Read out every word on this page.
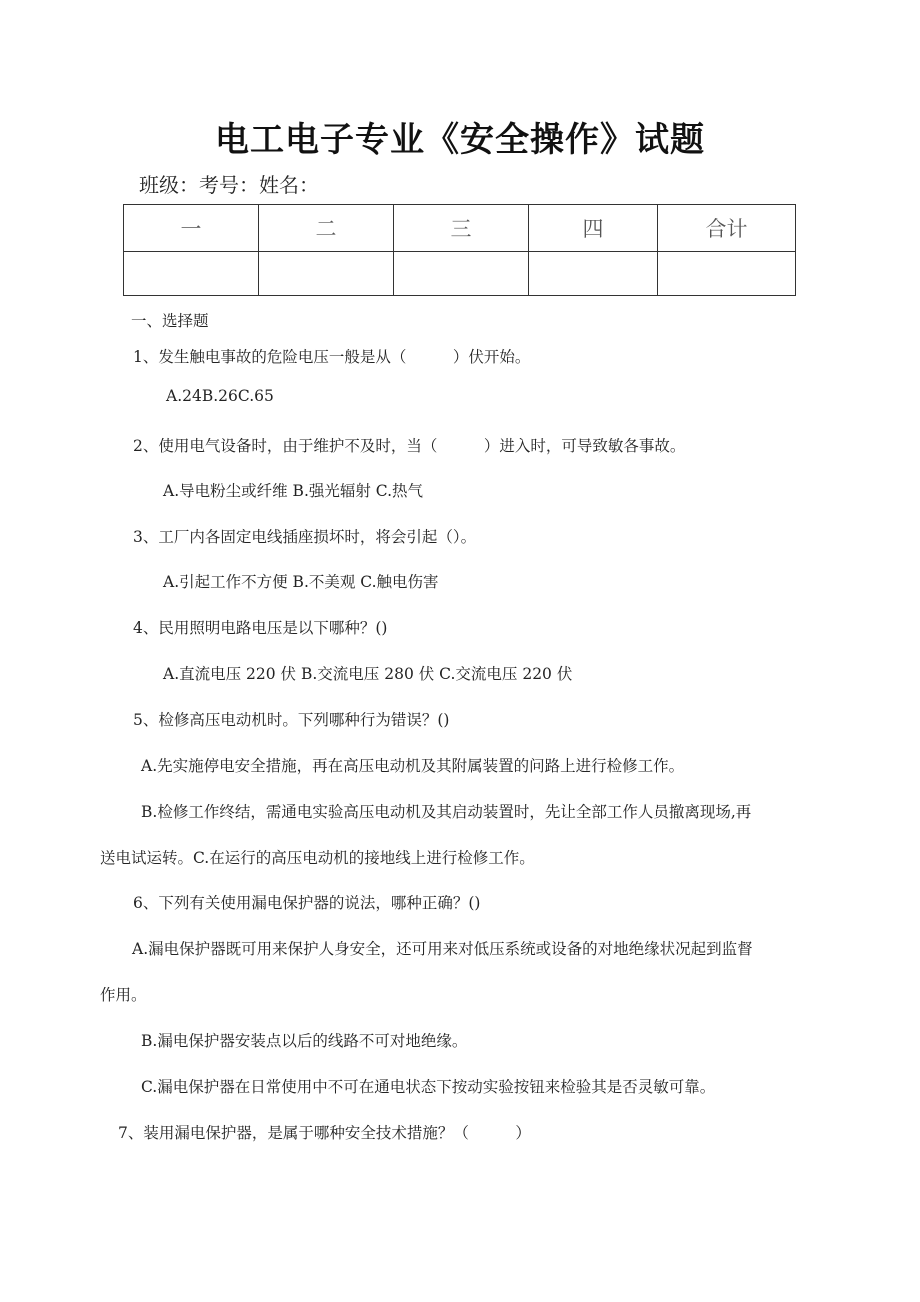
电工电子专业《安全操作》试题
班级：考号：姓名：
一	二	三	四	合计

一、选择题
1、发生触电事故的危险电压一般是从（　　　）伏开始。
A.24B.26C.65
2、使用电气设备时，由于维护不及时，当（　　　）进入时，可导致敏各事故。
A.导电粉尘或纤维 B.强光辐射 C.热气
3、工厂内各固定电线插座损坏时，将会引起（）。
A.引起工作不方便 B.不美观 C.触电伤害
4、民用照明电路电压是以下哪种？()
A.直流电压 220 伏 B.交流电压 280 伏 C.交流电压 220 伏
5、检修高压电动机时。下列哪种行为错误？()
A.先实施停电安全措施，再在高压电动机及其附属装置的问路上进行检修工作。
B.检修工作终结，需通电实验高压电动机及其启动装置时，先让全部工作人员撤离现场,再
送电试运转。C.在运行的高压电动机的接地线上进行检修工作。
6、下列有关使用漏电保护器的说法，哪种正确？()
A.漏电保护器既可用来保护人身安全，还可用来对低压系统或设备的对地绝缘状况起到监督
作用。
B.漏电保护器安装点以后的线路不可对地绝缘。
C.漏电保护器在日常使用中不可在通电状态下按动实验按钮来检验其是否灵敏可靠。
7、装用漏电保护器，是属于哪种安全技术措施？（　　　）
